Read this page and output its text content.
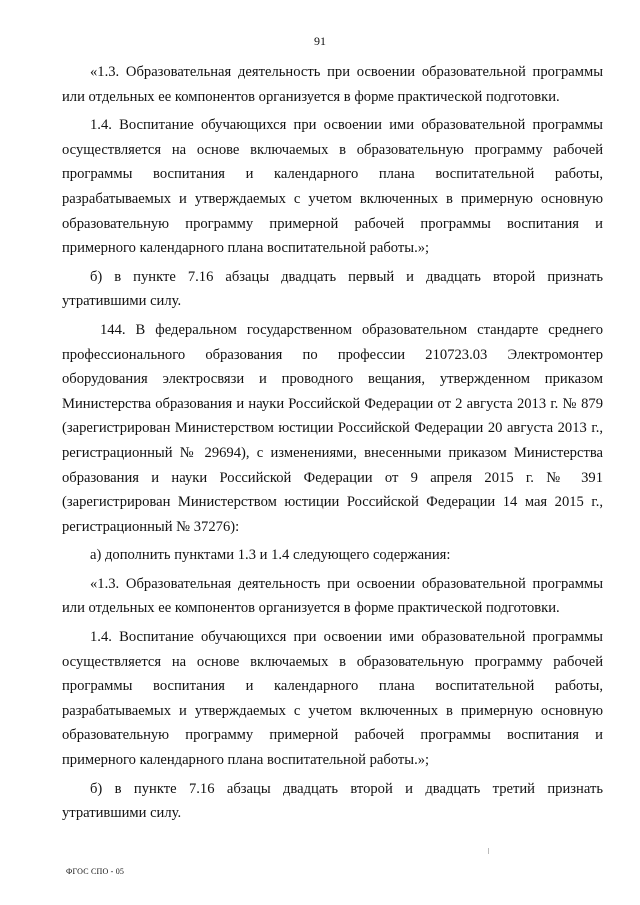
91

«1.3. Образовательная деятельность при освоении образовательной программы или отдельных ее компонентов организуется в форме практической подготовки.

1.4. Воспитание обучающихся при освоении ими образовательной программы осуществляется на основе включаемых в образовательную программу рабочей программы воспитания и календарного плана воспитательной работы, разрабатываемых и утверждаемых с учетом включенных в примерную основную образовательную программу примерной рабочей программы воспитания и примерного календарного плана воспитательной работы.»;

б) в пункте 7.16 абзацы двадцать первый и двадцать второй признать утратившими силу.

144. В федеральном государственном образовательном стандарте среднего профессионального образования по профессии 210723.03 Электромонтер оборудования электросвязи и проводного вещания, утвержденном приказом Министерства образования и науки Российской Федерации от 2 августа 2013 г. № 879 (зарегистрирован Министерством юстиции Российской Федерации 20 августа 2013 г., регистрационный № 29694), с изменениями, внесенными приказом Министерства образования и науки Российской Федерации от 9 апреля 2015 г. № 391 (зарегистрирован Министерством юстиции Российской Федерации 14 мая 2015 г., регистрационный № 37276):

а) дополнить пунктами 1.3 и 1.4 следующего содержания:

«1.3. Образовательная деятельность при освоении образовательной программы или отдельных ее компонентов организуется в форме практической подготовки.

1.4. Воспитание обучающихся при освоении ими образовательной программы осуществляется на основе включаемых в образовательную программу рабочей программы воспитания и календарного плана воспитательной работы, разрабатываемых и утверждаемых с учетом включенных в примерную основную образовательную программу примерной рабочей программы воспитания и примерного календарного плана воспитательной работы.»;

б) в пункте 7.16 абзацы двадцать второй и двадцать третий признать утратившими силу.

ФГОС СПО - 05
